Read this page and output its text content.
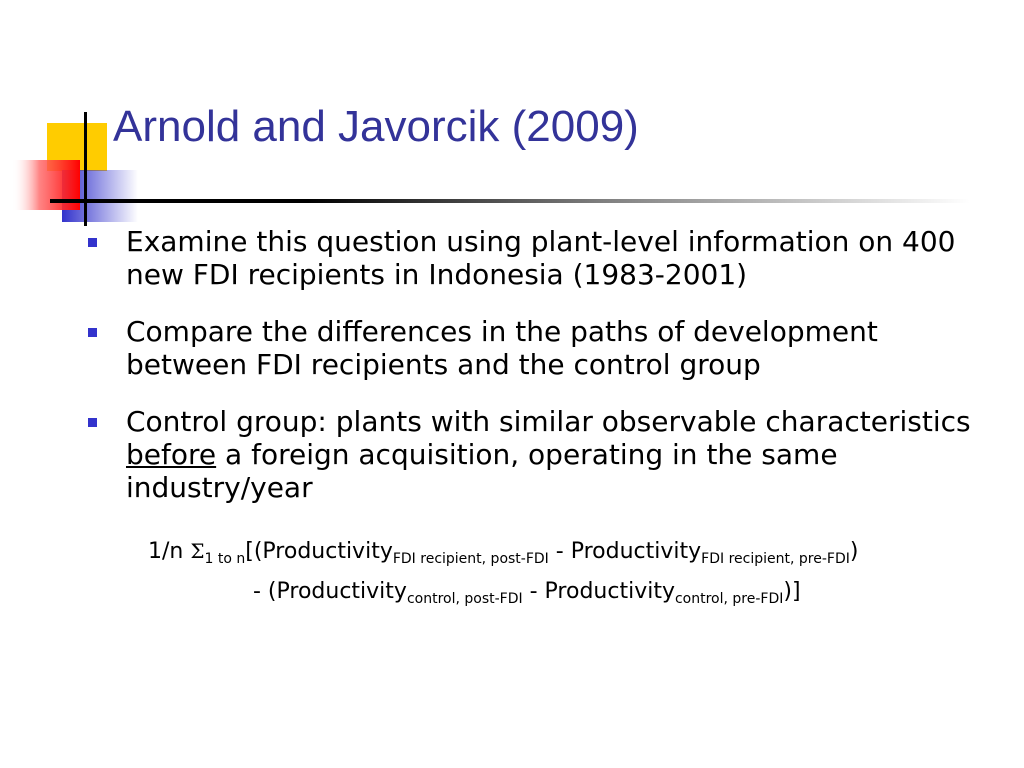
Arnold and Javorcik (2009)
Examine this question using plant-level information on 400 new FDI recipients in Indonesia (1983-2001)
Compare the differences in the paths of development between FDI recipients and the control group
Control group: plants with similar observable characteristics before a foreign acquisition, operating in the same industry/year
1/n $\Sigma_{1 to n}[(Productivity_{FDI recipient, post-FDI}$ - Productivity$_{FDI recipient, pre-FDI}$)
- (Productivity$_{control, post-FDI}$ - Productivity$_{control, pre-FDI}$)]
